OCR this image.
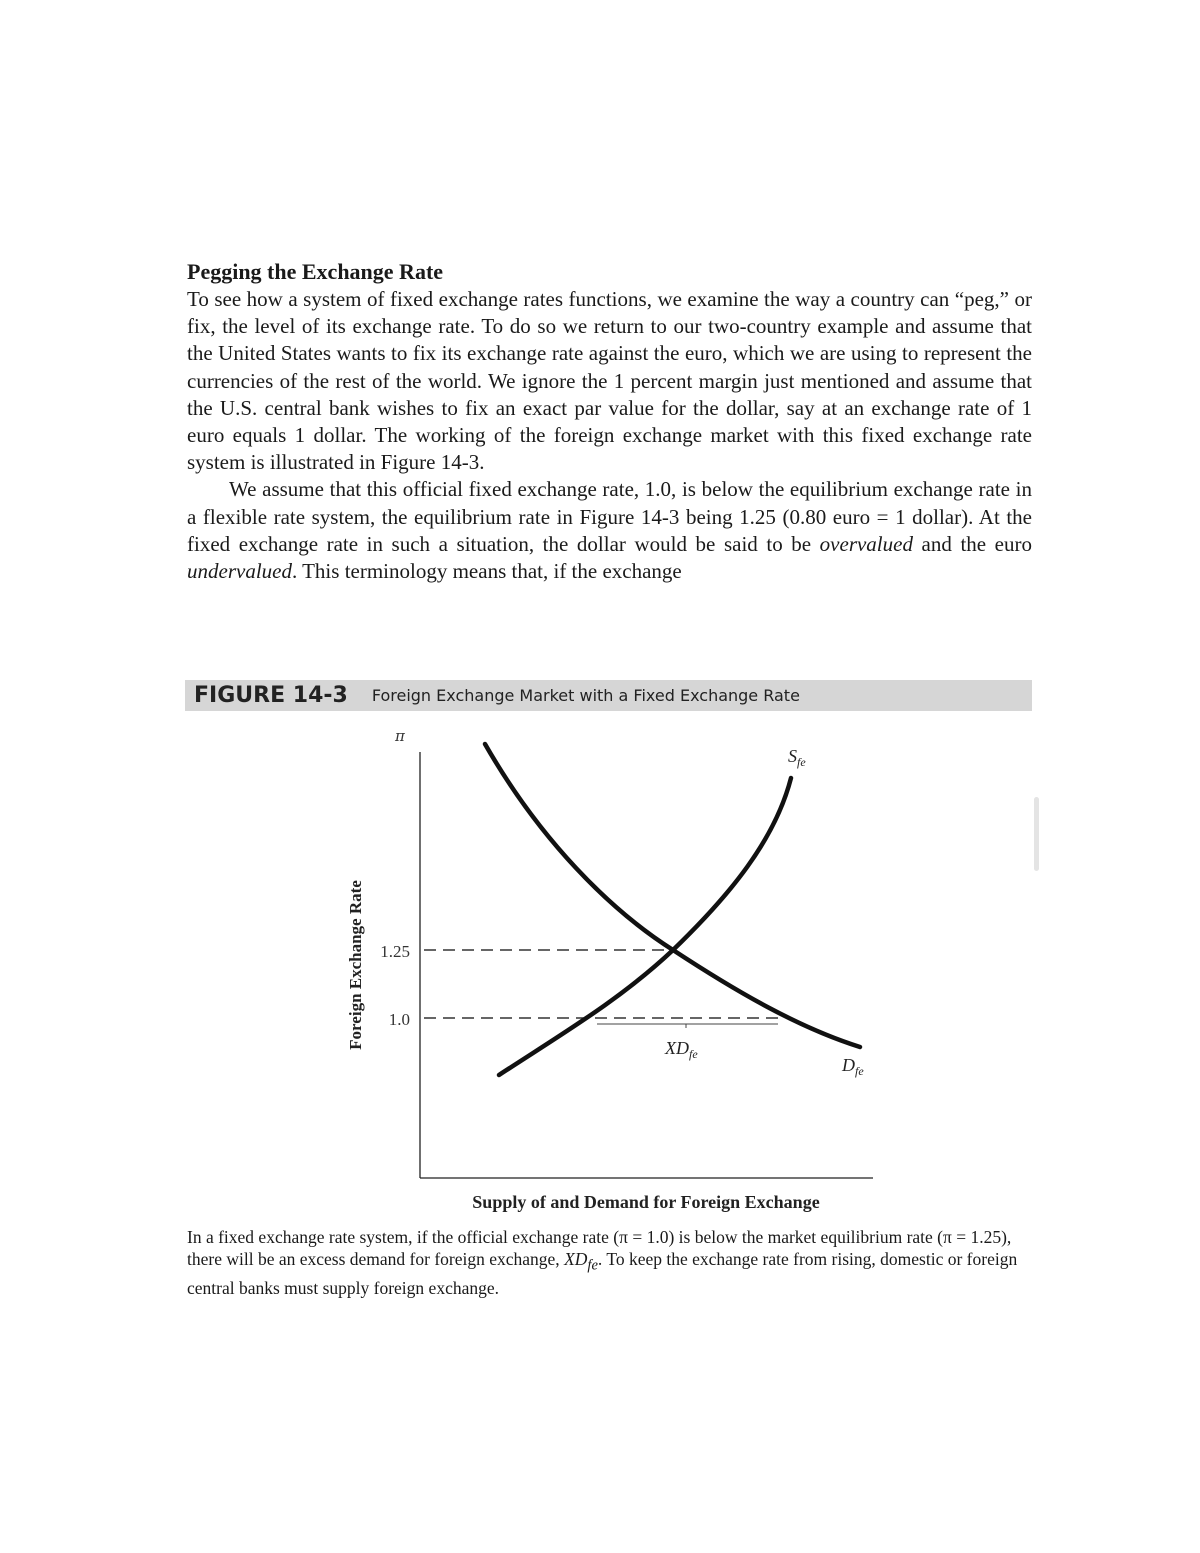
Pegging the Exchange Rate

To see how a system of fixed exchange rates functions, we examine the way a country can “peg,” or fix, the level of its exchange rate. To do so we return to our two-country example and assume that the United States wants to fix its exchange rate against the euro, which we are using to represent the currencies of the rest of the world. We ignore the 1 percent margin just mentioned and assume that the U.S. central bank wishes to fix an exact par value for the dollar, say at an exchange rate of 1 euro equals 1 dollar. The working of the foreign exchange market with this fixed exchange rate system is illustrated in Figure 14-3.

We assume that this official fixed exchange rate, 1.0, is below the equilibrium exchange rate in a flexible rate system, the equilibrium rate in Figure 14-3 being 1.25 (0.80 euro = 1 dollar). At the fixed exchange rate in such a situation, the dollar would be said to be overvalued and the euro undervalued. This terminology means that, if the exchange

FIGURE 14-3 Foreign Exchange Market with a Fixed Exchange Rate
π
Foreign Exchange Rate 1.25
1.0
$S_{fe}$
$D_{fe}$
$XD_{fe}$
Supply of and Demand for Foreign Exchange

In a fixed exchange rate system, if the official exchange rate (π = 1.0) is below the market equilibrium rate (π = 1.25), there will be an excess demand for foreign exchange, $XD_{fe}$. To keep the exchange rate from rising, domestic or foreign central banks must supply foreign exchange.
